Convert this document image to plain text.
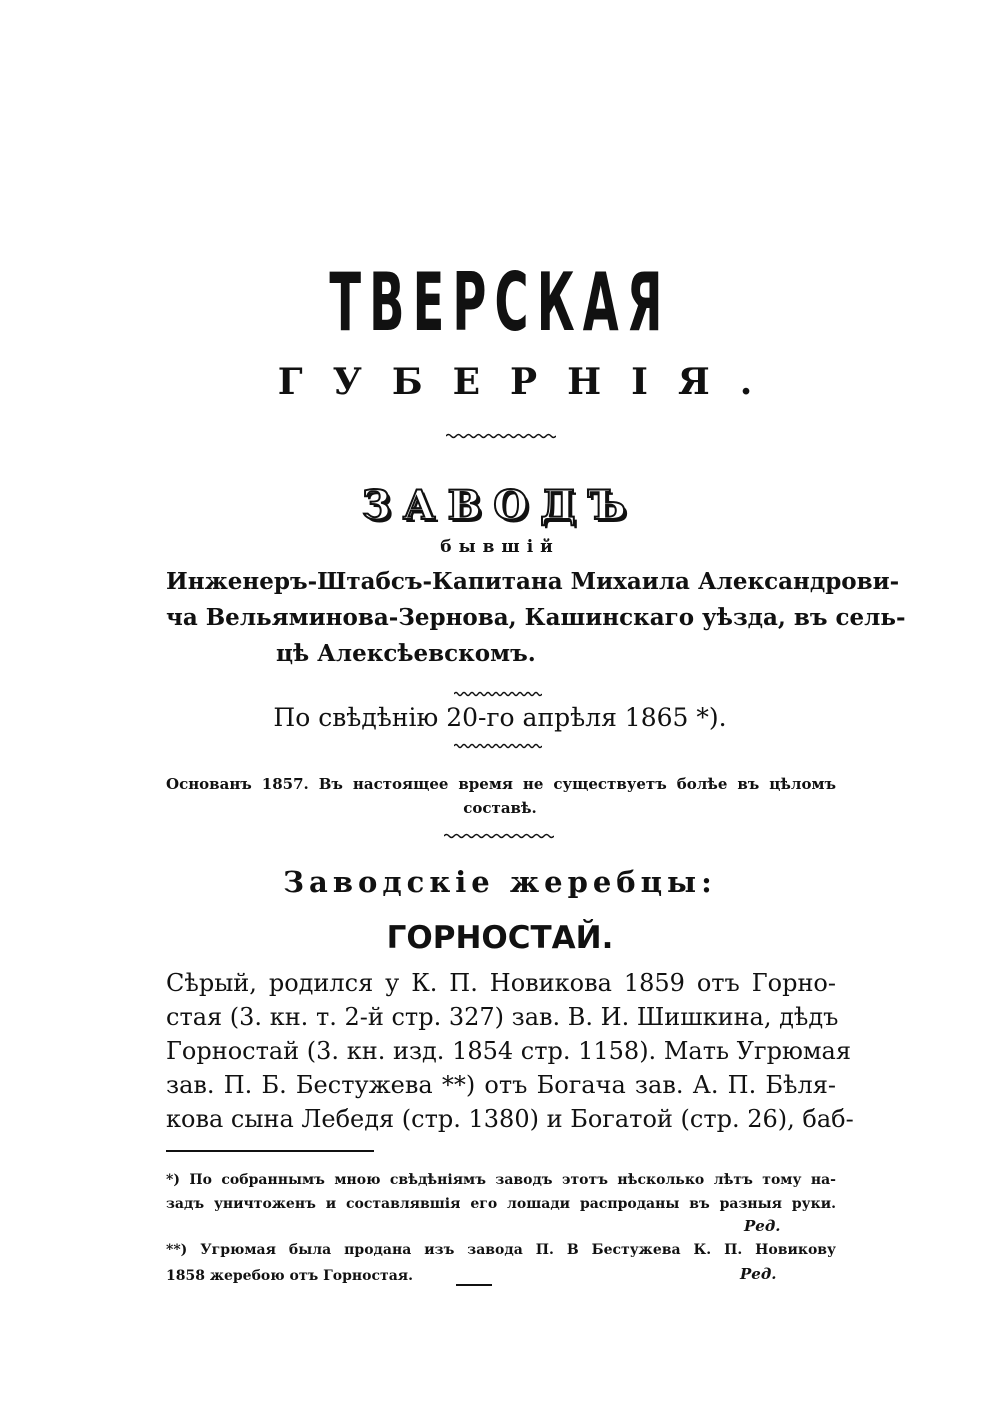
ТВЕРСКАЯ
ГУБЕРНІЯ.
ЗАВОДЪ
бывшій
Инженеръ-Штабсъ-Капитана Михаила Александрови-
ча Вельяминова-Зернова, Кашинскаго уѣзда, въ сель-
цѣ Алексѣевскомъ.
По свѣдѣнію 20-го апрѣля 1865 *).
Основанъ 1857. Въ настоящее время не существуетъ болѣе въ цѣломъ
составѣ.
Заводскіе жеребцы:
ГОРНОСТАЙ.
Сѣрый, родился у К. П. Новикова 1859 отъ Горно-
стая (3. кн. т. 2-й стр. 327) зав. В. И. Шишкина, дѣдъ
Горностай (3. кн. изд. 1854 стр. 1158). Мать Угрюмая
зав. П. Б. Бестужева **) отъ Богача зав. А. П. Бѣля-
кова сына Лебедя (стр. 1380) и Богатой (стр. 26), баб-
*) По собраннымъ мною свѣдѣніямъ заводъ этотъ нѣсколько лѣтъ тому на-
задъ уничтоженъ и составлявшія его лошади распроданы въ разныя руки.
Ред.
**) Угрюмая была продана изъ завода П. В Бестужева К. П. Новикову
1858 жеребою отъ Горностая.	Ред.
